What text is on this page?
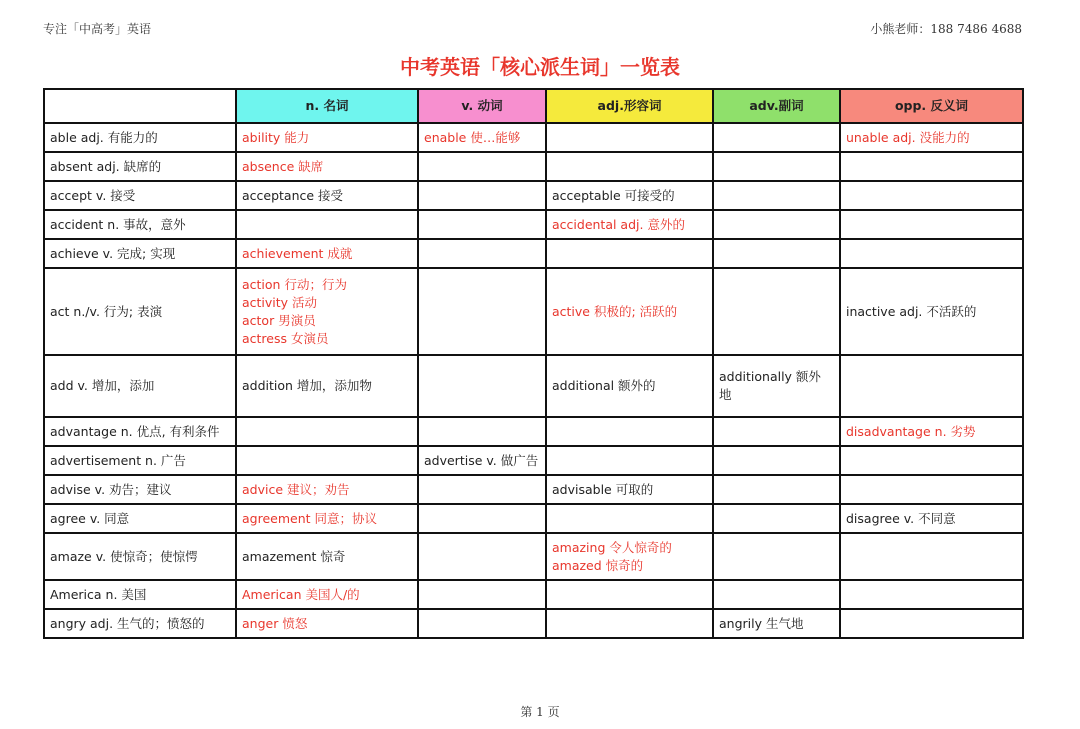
专注「中高考」英语	小熊老师：188 7486 4688
中考英语「核心派生词」一览表
	n. 名词	v. 动词	adj.形容词	adv.副词	opp. 反义词
able adj. 有能力的	ability 能力	enable 使…能够			unable adj. 没能力的

absent adj. 缺席的	absence 缺席				

accept v. 接受	acceptance 接受		acceptable 可接受的		

accident n. 事故，意外			accidental adj. 意外的		

achieve v. 完成; 实现	achievement 成就				

act n./v. 行为; 表演	action 行动；行为
activity 活动
actor 男演员
actress 女演员		active 积极的; 活跃的		inactive adj. 不活跃的

add v. 增加，添加	addition 增加，添加物		additional 额外的	additionally 额外
地	

advantage n. 优点, 有利条件					disadvantage n. 劣势

advertisement n. 广告		advertise v. 做广告			

advise v. 劝告；建议	advice 建议；劝告		advisable 可取的		

agree v. 同意	agreement 同意；协议				disagree v. 不同意

amaze v. 使惊奇；使惊愕	amazement 惊奇		amazing 令人惊奇的
amazed 惊奇的		

America n. 美国	American 美国人/的				

angry adj. 生气的；愤怒的	anger 愤怒			angrily 生气地	

第 1 页
